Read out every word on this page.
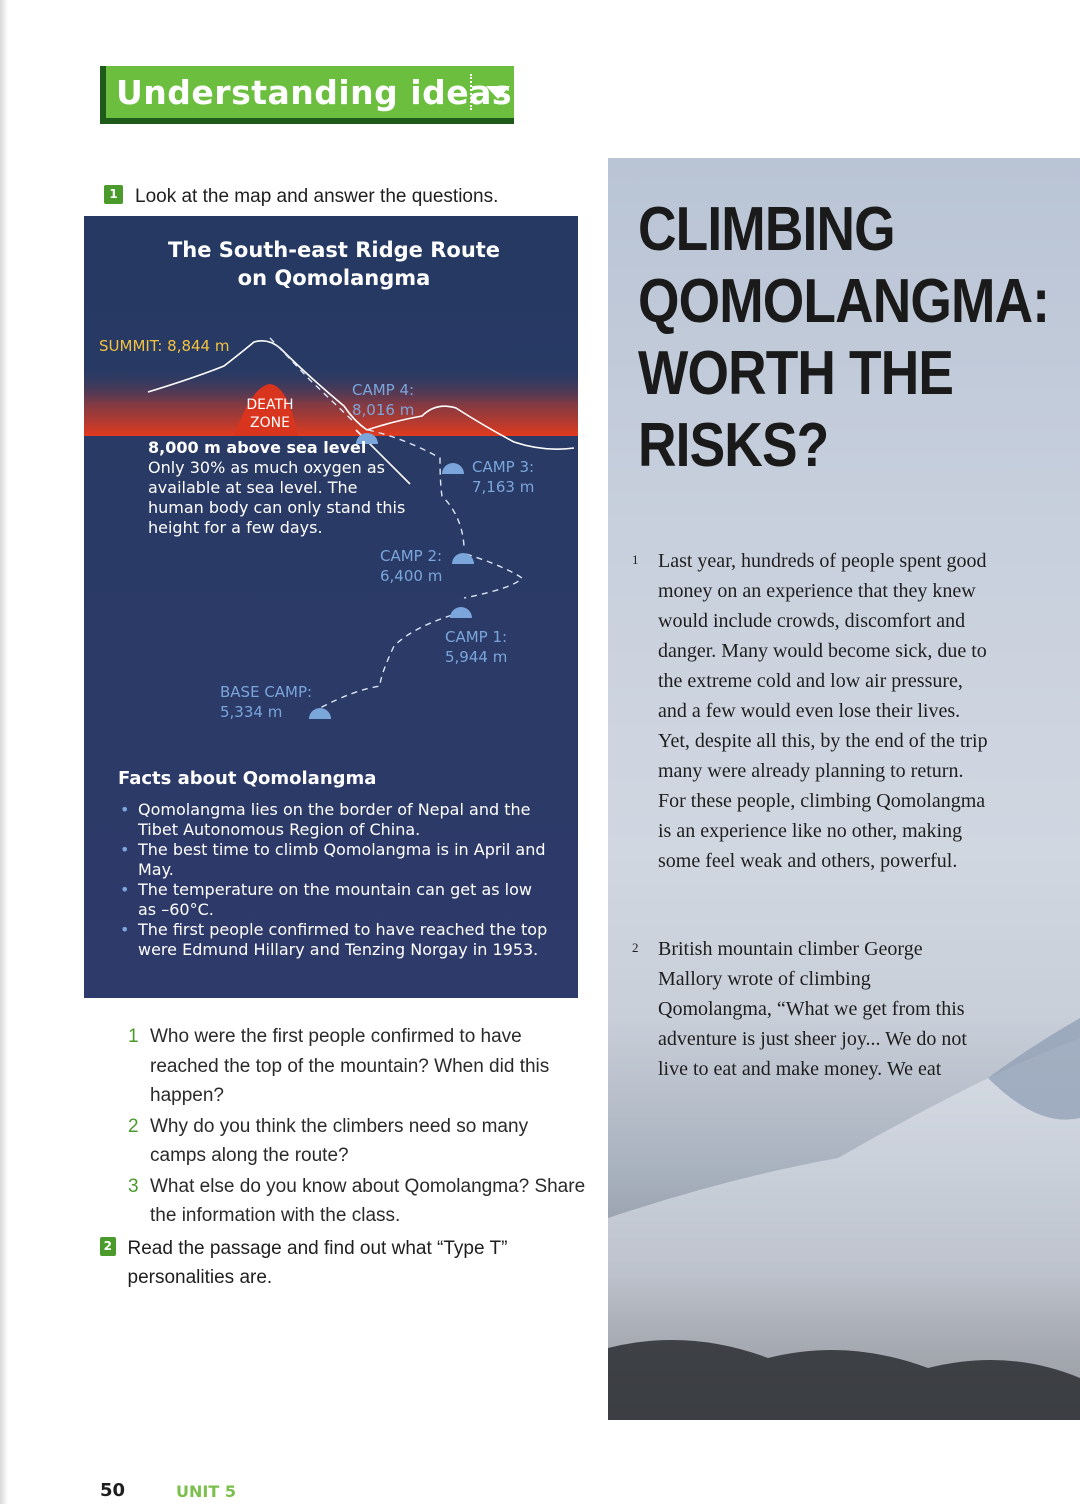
Understanding ideas
1 Look at the map and answer the questions.
The South-east Ridge Route
on Qomolangma
SUMMIT: 8,844 m
DEATH
ZONE
CAMP 4:
8,016 m
CAMP 3:
7,163 m
CAMP 2:
6,400 m
CAMP 1:
5,944 m
BASE CAMP:
5,334 m
8,000 m above sea level
Only 30% as much oxygen as available at sea level. The human body can only stand this height for a few days.
Facts about Qomolangma
• Qomolangma lies on the border of Nepal and the Tibet Autonomous Region of China.
• The best time to climb Qomolangma is in April and May.
• The temperature on the mountain can get as low as –60°C.
• The first people confirmed to have reached the top were Edmund Hillary and Tenzing Norgay in 1953.
1 Who were the first people confirmed to have reached the top of the mountain? When did this happen?
2 Why do you think the climbers need so many camps along the route?
3 What else do you know about Qomolangma? Share the information with the class.
2 Read the passage and find out what “Type T” personalities are.
CLIMBING
QOMOLANGMA:
WORTH THE
RISKS?
1 Last year, hundreds of people spent good money on an experience that they knew would include crowds, discomfort and danger. Many would become sick, due to the extreme cold and low air pressure, and a few would even lose their lives. Yet, despite all this, by the end of the trip many were already planning to return. For these people, climbing Qomolangma is an experience like no other, making some feel weak and others, powerful.
2 British mountain climber George Mallory wrote of climbing Qomolangma, “What we get from this adventure is just sheer joy... We do not live to eat and make money. We eat
50	UNIT 5
